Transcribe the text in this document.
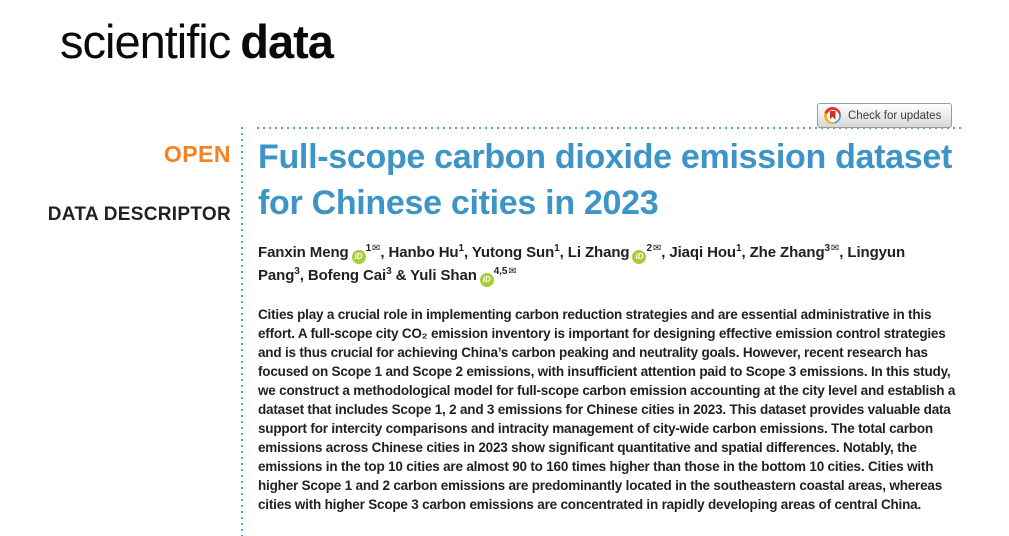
scientific data
Check for updates
OPEN
DATA DESCRIPTOR
Full-scope carbon dioxide emission dataset for Chinese cities in 2023
Fanxin Meng $iD^{1✉}$, Hanbo Hu$^1$, Yutong Sun$^1$, Li Zhang $iD^{2✉}$, Jiaqi Hou$^1$, Zhe Zhang$^{3✉}$, Lingyun Pang$^3$, Bofeng Cai$^3$ & Yuli Shan $iD^{4,5✉}$
Cities play a crucial role in implementing carbon reduction strategies and are essential administrative in this effort. A full-scope city CO₂ emission inventory is important for designing effective emission control strategies and is thus crucial for achieving China’s carbon peaking and neutrality goals. However, recent research has focused on Scope 1 and Scope 2 emissions, with insufficient attention paid to Scope 3 emissions. In this study, we construct a methodological model for full-scope carbon emission accounting at the city level and establish a dataset that includes Scope 1, 2 and 3 emissions for Chinese cities in 2023. This dataset provides valuable data support for intercity comparisons and intracity management of city-wide carbon emissions. The total carbon emissions across Chinese cities in 2023 show significant quantitative and spatial differences. Notably, the emissions in the top 10 cities are almost 90 to 160 times higher than those in the bottom 10 cities. Cities with higher Scope 1 and 2 carbon emissions are predominantly located in the southeastern coastal areas, whereas cities with higher Scope 3 carbon emissions are concentrated in rapidly developing areas of central China.
